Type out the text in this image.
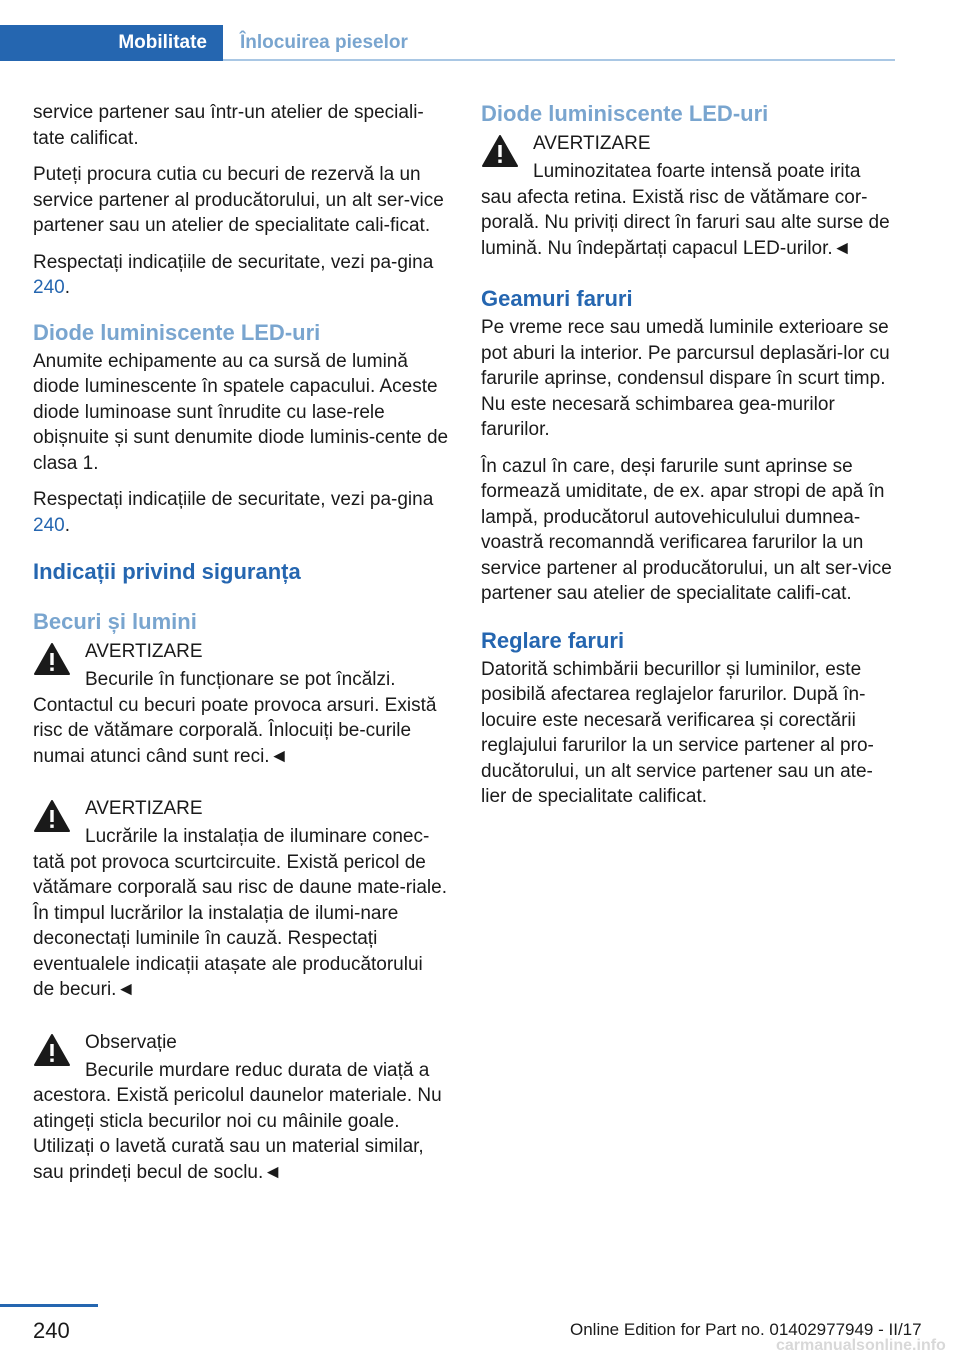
Mobilitate	Înlocuirea pieselor

service partener sau într-un atelier de speciali-tate calificat.

Puteți procura cutia cu becuri de rezervă la un service partener al producătorului, un alt ser-vice partener sau un atelier de specialitate cali-ficat.

Respectați indicațiile de securitate, vezi pa-gina 240.

Diode luminiscente LED-uri

Anumite echipamente au ca sursă de lumină diode luminescente în spatele capacului. Aceste diode luminoase sunt înrudite cu lase-rele obișnuite și sunt denumite diode luminis-cente de clasa 1.

Respectați indicațiile de securitate, vezi pa-gina 240.

Indicații privind siguranța
Becuri și lumini
AVERTIZARE
Becurile în funcționare se pot încălzi.
Contactul cu becuri poate provoca arsuri. Există risc de vătămare corporală. Înlocuiți be-curile numai atunci când sunt reci.◄
AVERTIZARE
Lucrările la instalația de iluminare conec-
tată pot provoca scurtcircuite. Există pericol de vătămare corporală sau risc de daune mate-riale. În timpul lucrărilor la instalația de ilumi-nare deconectați luminile în cauză. Respectați eventualele indicații atașate ale producătorului de becuri.◄
Observație
Becurile murdare reduc durata de viață a
acestora. Există pericolul daunelor materiale. Nu atingeți sticla becurilor noi cu mâinile goale. Utilizați o lavetă curată sau un material similar, sau prindeți becul de soclu.◄
Diode luminiscente LED-uri
AVERTIZARE
Luminozitatea foarte intensă poate irita
sau afecta retina. Există risc de vătămare cor-porală. Nu priviți direct în faruri sau alte surse de lumină. Nu îndepărtați capacul LED-urilor.◄
Geamuri faruri

Pe vreme rece sau umedă luminile exterioare se pot aburi la interior. Pe parcursul deplasări-lor cu farurile aprinse, condensul dispare în scurt timp. Nu este necesară schimbarea gea-murilor farurilor.

În cazul în care, deși farurile sunt aprinse se formează umiditate, de ex. apar stropi de apă în lampă, producătorul autovehiculului dumnea-voastră recomanndă verificarea farurilor la un service partener al producătorului, un alt ser-vice partener sau atelier de specialitate califi-cat.

Reglare faruri

Datorită schimbării becurillor și luminilor, este posibilă afectarea reglajelor farurilor. După în-locuire este necesară verificarea și corectării reglajului farurilor la un service partener al pro-ducătorului, un alt service partener sau un ate-lier de specialitate calificat.

240	Online Edition for Part no. 01402977949 - II/17
carmanualsonline.info
